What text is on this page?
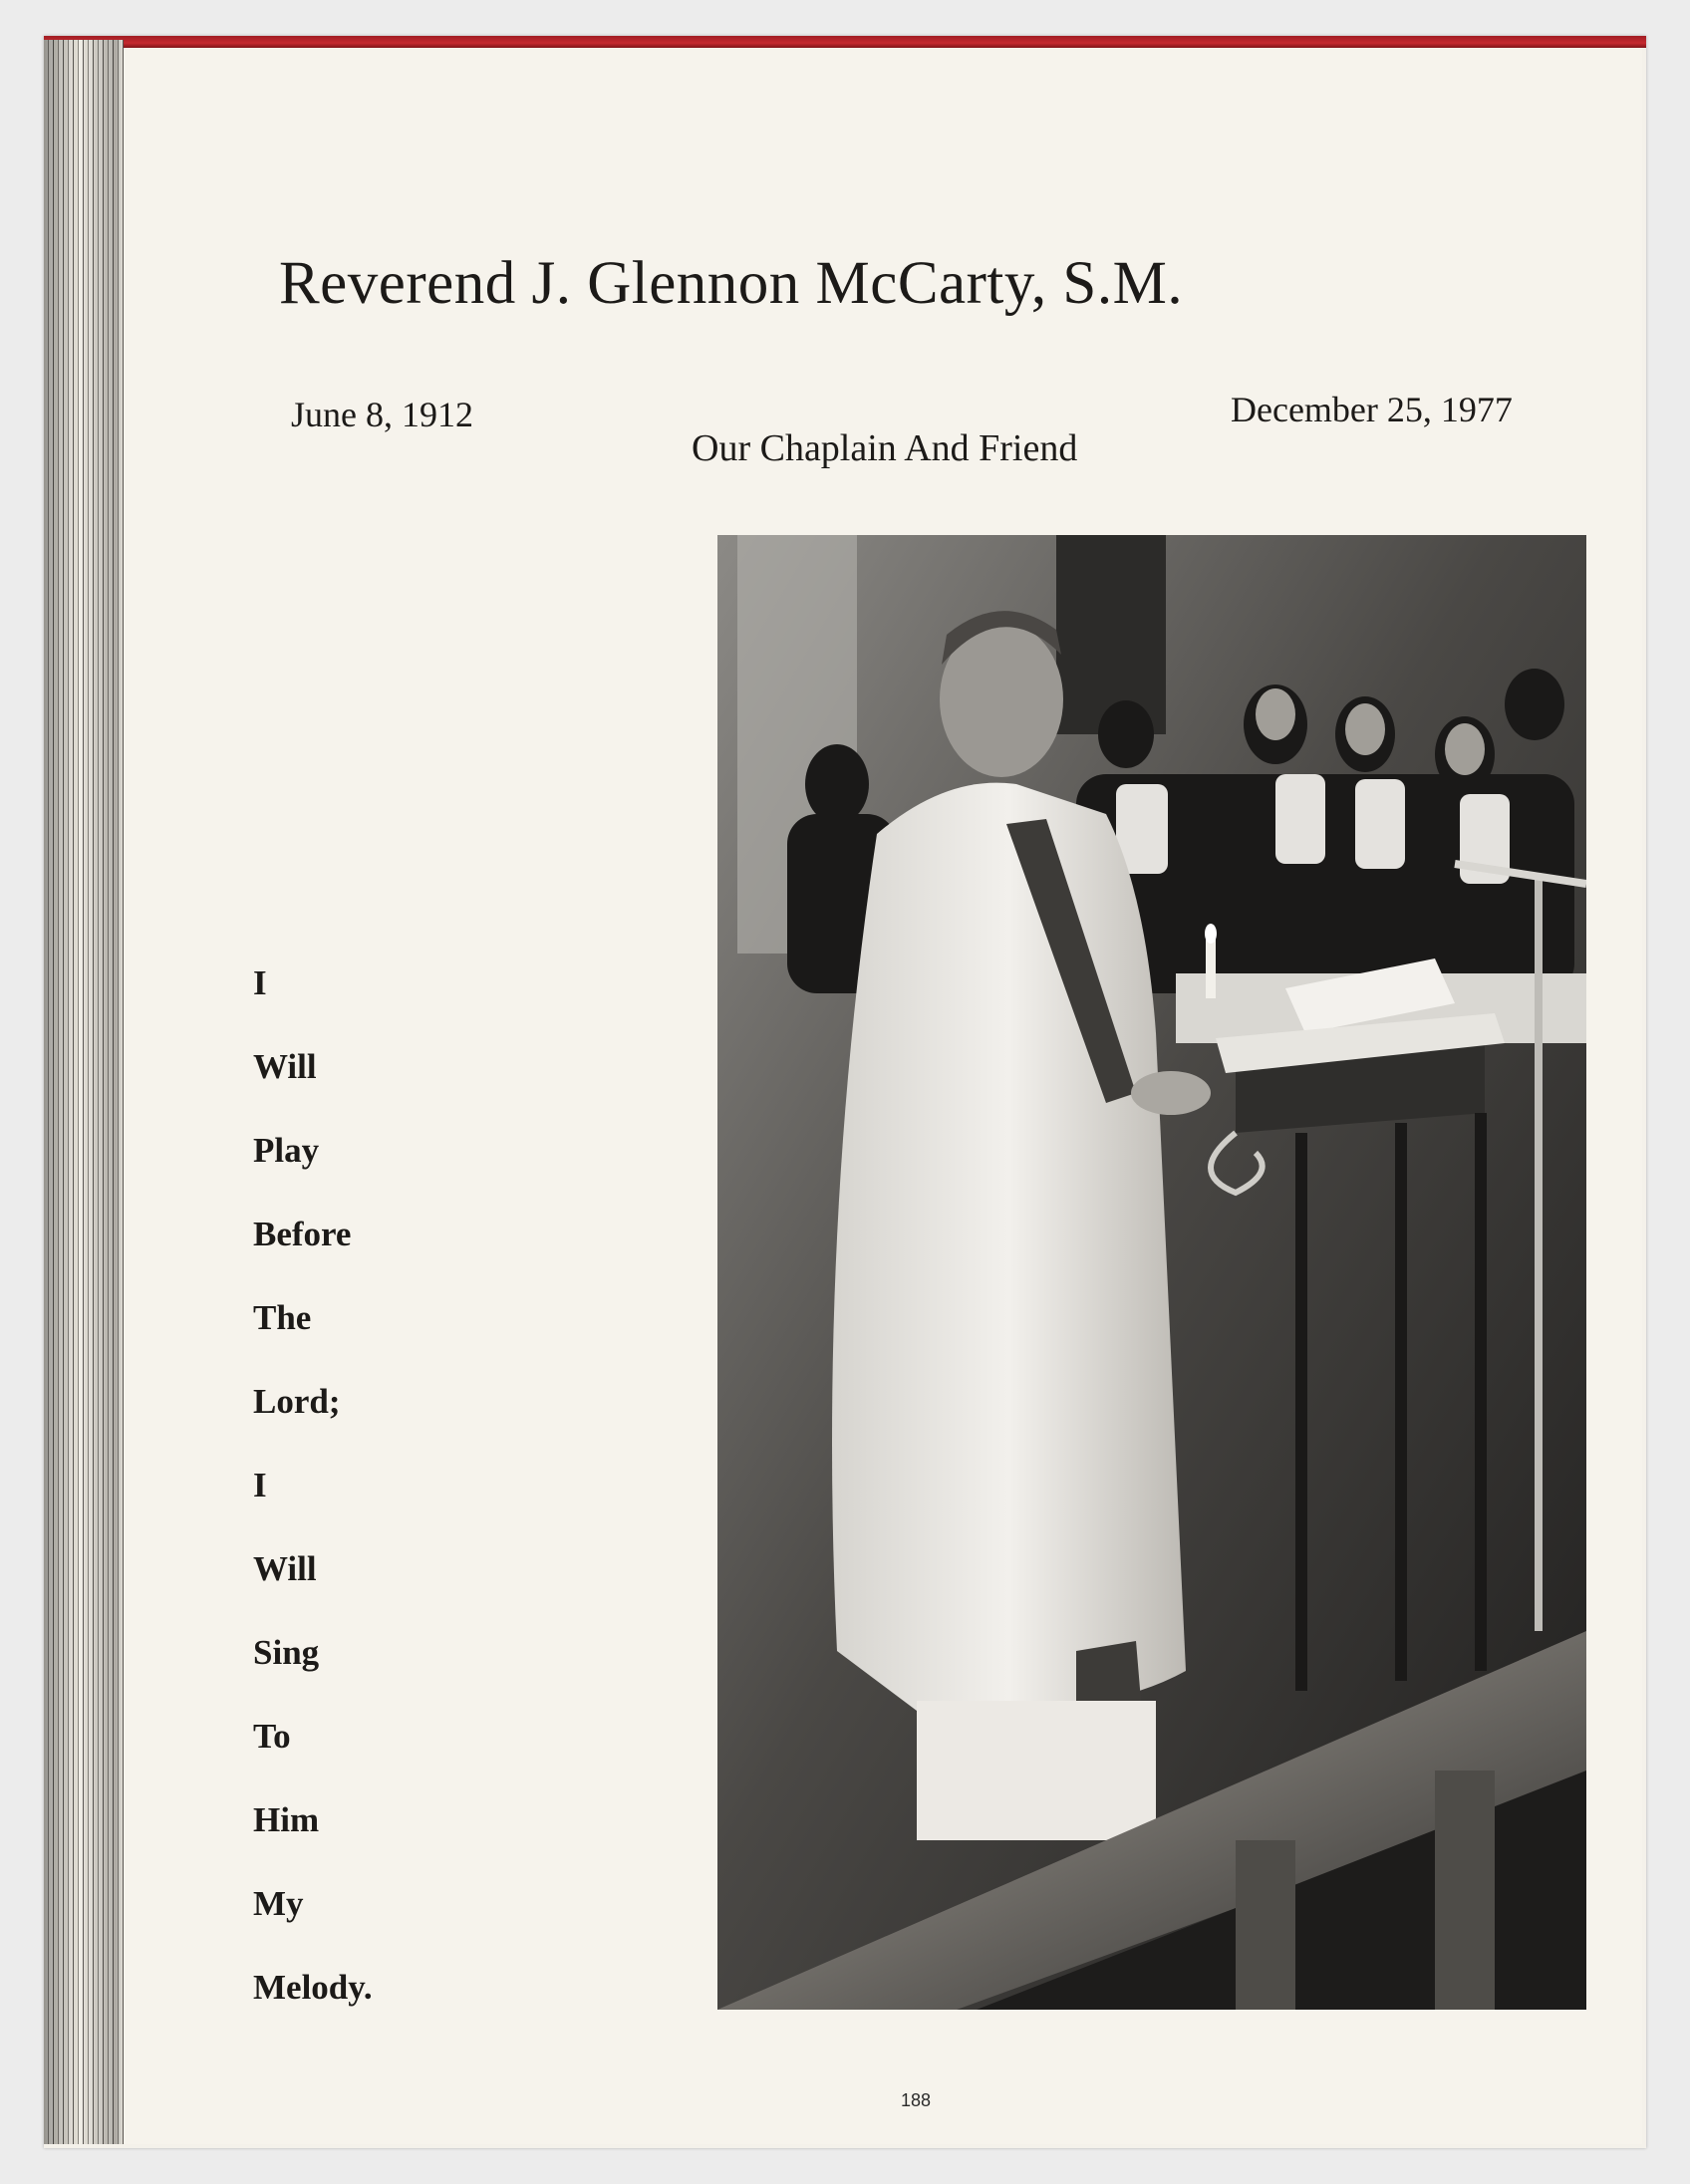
Reverend J. Glennon McCarty, S.M.
June 8, 1912	December 25, 1977
Our Chaplain And Friend
I
Will
Play
Before
The
Lord;
I
Will
Sing
To
Him
My
Melody.
188
